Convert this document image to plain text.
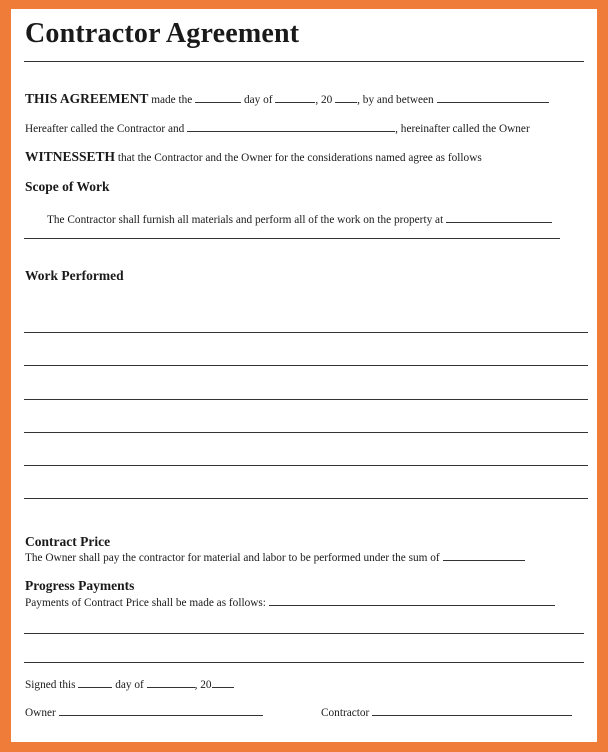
Contractor Agreement
THIS AGREEMENT made the	day of	, 20 , by and between
Hereafter called the Contractor and	, hereinafter called the Owner
WITNESSETH that the Contractor and the Owner for the considerations named agree as follows
Scope of Work
The Contractor shall furnish all materials and perform all of the work on the property at
Work Performed
Contract Price
The Owner shall pay the contractor for material and labor to be performed under the sum of
Progress Payments
Payments of Contract Price shall be made as follows:
Signed this	day of	, 20
Owner	Contractor
